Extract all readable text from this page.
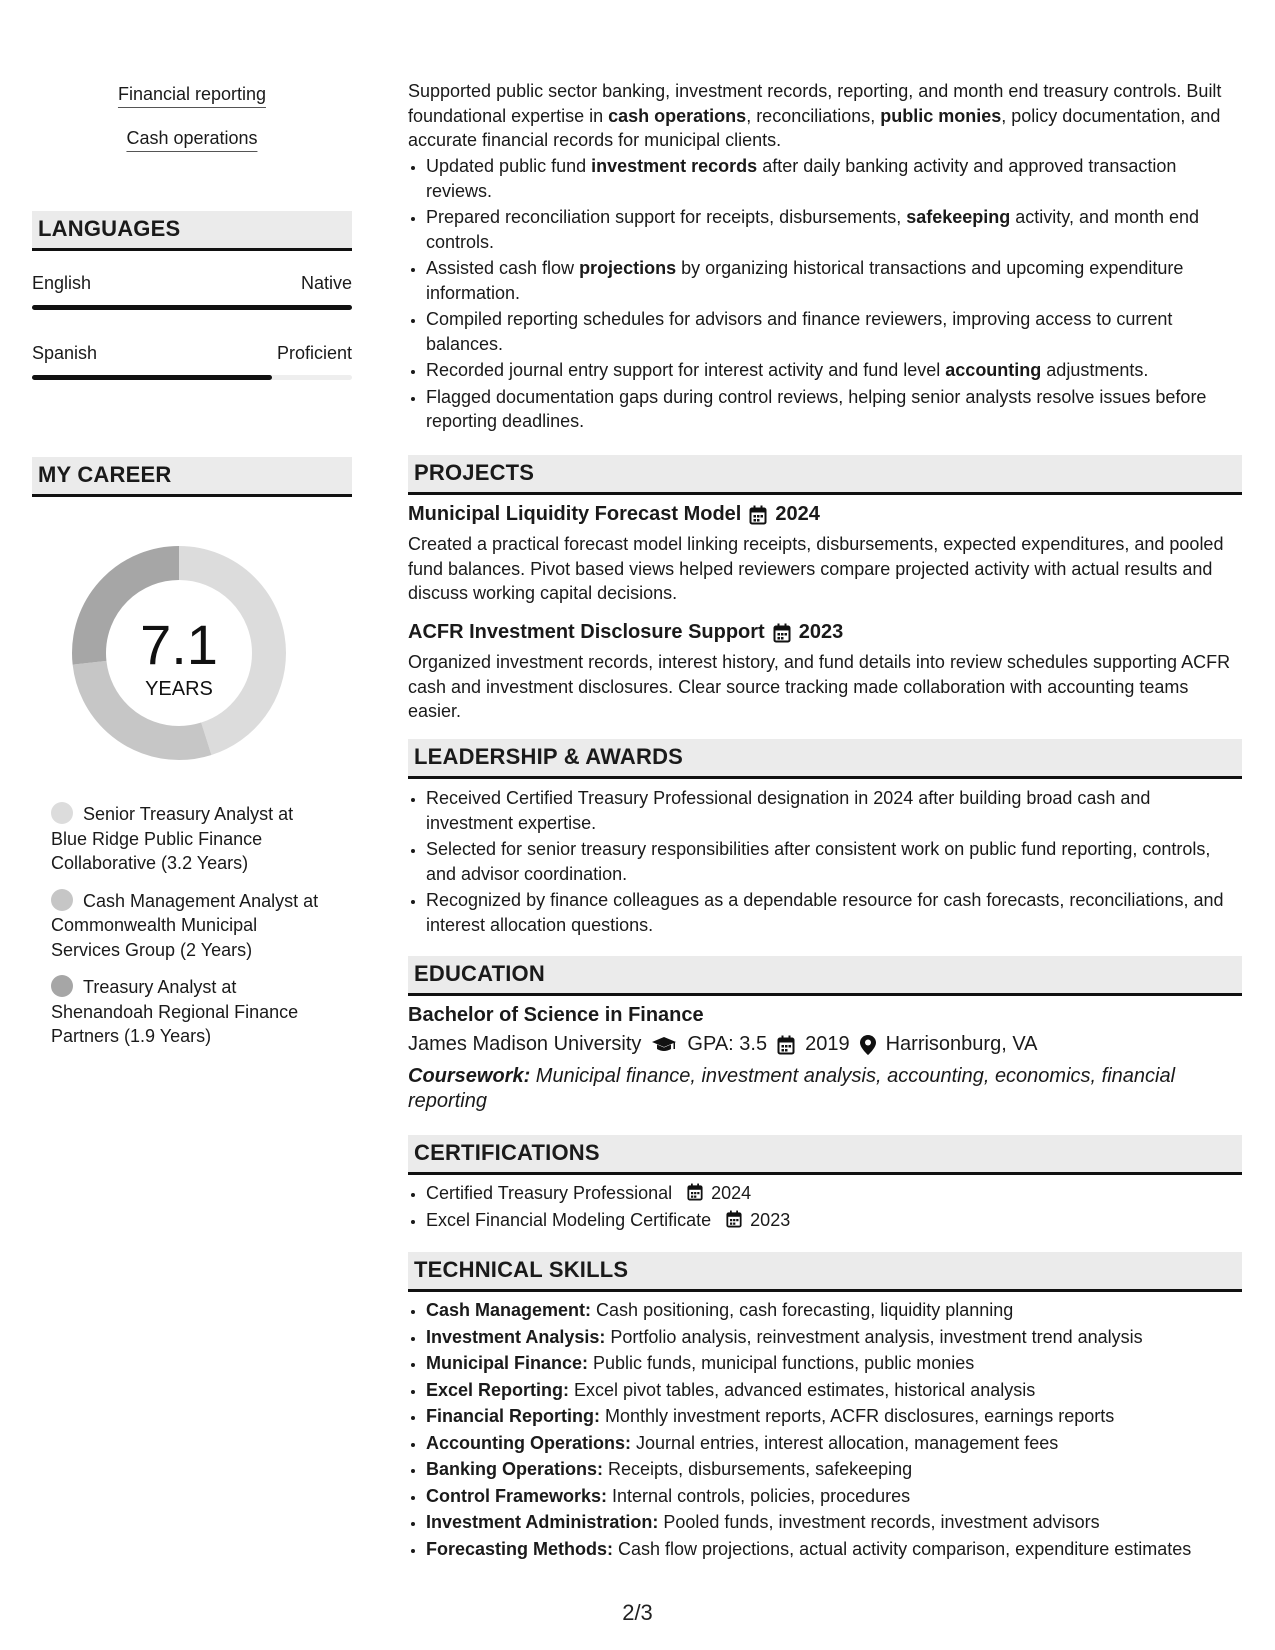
Financial reporting
Cash operations
LANGUAGES
English	Native
Spanish	Proficient
MY CAREER
7.1
YEARS
Senior Treasury Analyst at Blue Ridge Public Finance Collaborative (3.2 Years)
Cash Management Analyst at Commonwealth Municipal Services Group (2 Years)
Treasury Analyst at Shenandoah Regional Finance Partners (1.9 Years)
Supported public sector banking, investment records, reporting, and month end treasury controls. Built foundational expertise in cash operations, reconciliations, public monies, policy documentation, and accurate financial records for municipal clients.
• Updated public fund investment records after daily banking activity and approved transaction reviews.
• Prepared reconciliation support for receipts, disbursements, safekeeping activity, and month end controls.
• Assisted cash flow projections by organizing historical transactions and upcoming expenditure information.
• Compiled reporting schedules for advisors and finance reviewers, improving access to current balances.
• Recorded journal entry support for interest activity and fund level accounting adjustments.
• Flagged documentation gaps during control reviews, helping senior analysts resolve issues before reporting deadlines.
PROJECTS
Municipal Liquidity Forecast Model 2024
Created a practical forecast model linking receipts, disbursements, expected expenditures, and pooled fund balances. Pivot based views helped reviewers compare projected activity with actual results and discuss working capital decisions.
ACFR Investment Disclosure Support 2023
Organized investment records, interest history, and fund details into review schedules supporting ACFR cash and investment disclosures. Clear source tracking made collaboration with accounting teams easier.
LEADERSHIP & AWARDS
• Received Certified Treasury Professional designation in 2024 after building broad cash and investment expertise.
• Selected for senior treasury responsibilities after consistent work on public fund reporting, controls, and advisor coordination.
• Recognized by finance colleagues as a dependable resource for cash forecasts, reconciliations, and interest allocation questions.
EDUCATION
Bachelor of Science in Finance
James Madison University GPA: 3.5 2019 Harrisonburg, VA
Coursework: Municipal finance, investment analysis, accounting, economics, financial reporting
CERTIFICATIONS
• Certified Treasury Professional 2024
• Excel Financial Modeling Certificate 2023
TECHNICAL SKILLS
• Cash Management: Cash positioning, cash forecasting, liquidity planning
• Investment Analysis: Portfolio analysis, reinvestment analysis, investment trend analysis
• Municipal Finance: Public funds, municipal functions, public monies
• Excel Reporting: Excel pivot tables, advanced estimates, historical analysis
• Financial Reporting: Monthly investment reports, ACFR disclosures, earnings reports
• Accounting Operations: Journal entries, interest allocation, management fees
• Banking Operations: Receipts, disbursements, safekeeping
• Control Frameworks: Internal controls, policies, procedures
• Investment Administration: Pooled funds, investment records, investment advisors
• Forecasting Methods: Cash flow projections, actual activity comparison, expenditure estimates
2/3
